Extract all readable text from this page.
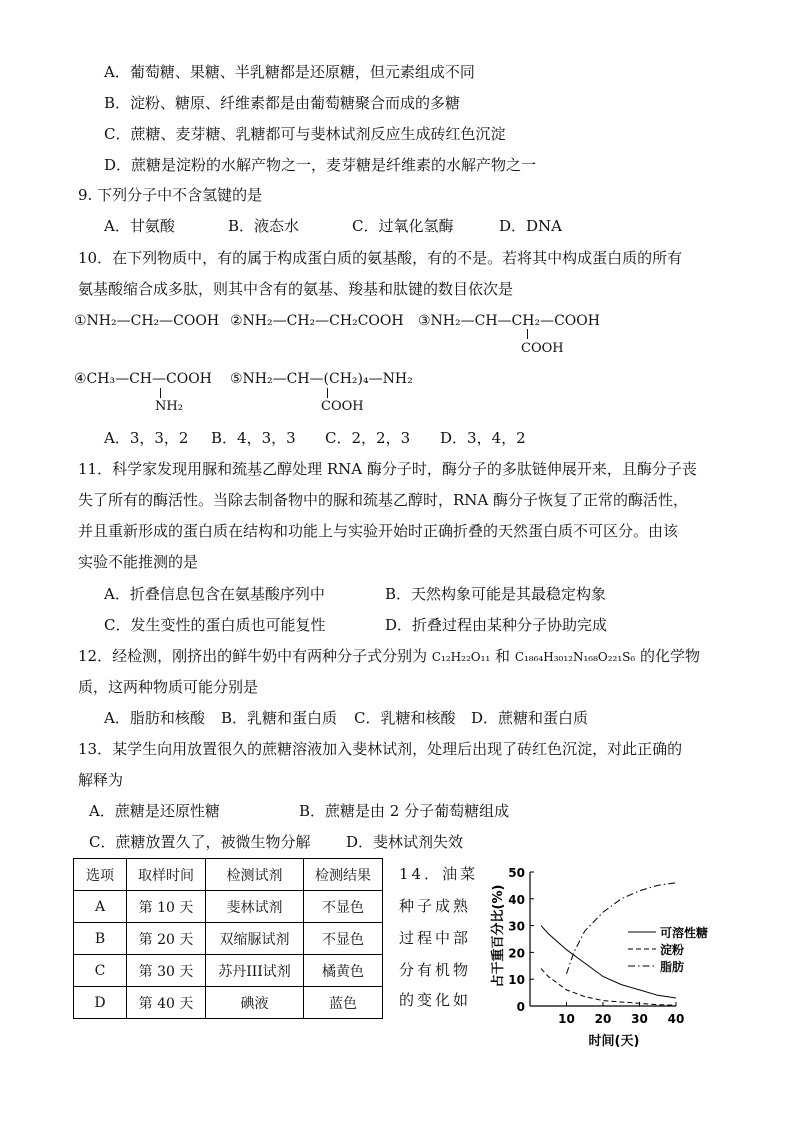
A．葡萄糖、果糖、半乳糖都是还原糖，但元素组成不同
B．淀粉、糖原、纤维素都是由葡萄糖聚合而成的多糖
C．蔗糖、麦芽糖、乳糖都可与斐林试剂反应生成砖红色沉淀
D．蔗糖是淀粉的水解产物之一，麦芽糖是纤维素的水解产物之一
9. 下列分子中不含氢键的是
A．甘氨酸	B．液态水	C．过氧化氢酶	D．DNA
10．在下列物质中，有的属于构成蛋白质的氨基酸，有的不是。若将其中构成蛋白质的所有
氨基酸缩合成多肽，则其中含有的氨基、羧基和肽键的数目依次是
①NH₂—CH₂—COOH ②NH₂—CH₂—CH₂COOH ③NH₂—CH—CH₂—COOH
COOH
④CH₃—CH—COOH
NH₂
⑤NH₂—CH—(CH₂)₄—NH₂
COOH
A．3，3，2 B．4，3，3 C．2，2，3 D．3，4，2
11．科学家发现用脲和巯基乙醇处理 RNA 酶分子时，酶分子的多肽链伸展开来，且酶分子丧
失了所有的酶活性。当除去制备物中的脲和巯基乙醇时，RNA 酶分子恢复了正常的酶活性，
并且重新形成的蛋白质在结构和功能上与实验开始时正确折叠的天然蛋白质不可区分。由该
实验不能推测的是
A．折叠信息包含在氨基酸序列中	B．天然构象可能是其最稳定构象
C．发生变性的蛋白质也可能复性	D．折叠过程由某种分子协助完成
12．经检测，刚挤出的鲜牛奶中有两种分子式分别为 C₁₂H₂₂O₁₁ 和 C₁₈₆₄H₃₀₁₂N₁₆₈O₂₂₁S₆ 的化学物
质，这两种物质可能分别是
A．脂肪和核酸 B．乳糖和蛋白质 C．乳糖和核酸 D．蔗糖和蛋白质
13．某学生向用放置很久的蔗糖溶液加入斐林试剂，处理后出现了砖红色沉淀，对此正确的
解释为
A．蔗糖是还原性糖	B．蔗糖是由 2 分子葡萄糖组成
C．蔗糖放置久了，被微生物分解 D．斐林试剂失效
选项	取样时间	检测试剂	检测结果
A	第 10 天	斐林试剂	不显色
B	第 20 天	双缩脲试剂	不显色
C	第 30 天	苏丹III试剂	橘黄色
D	第 40 天	碘液	蓝色
14．油菜
种子成熟
过程中部
分有机物
的变化如	0
10
20
30
40
50
10 20 30 40
可溶性糖
淀粉
脂肪
占干重百分比(%)
时间(天)
